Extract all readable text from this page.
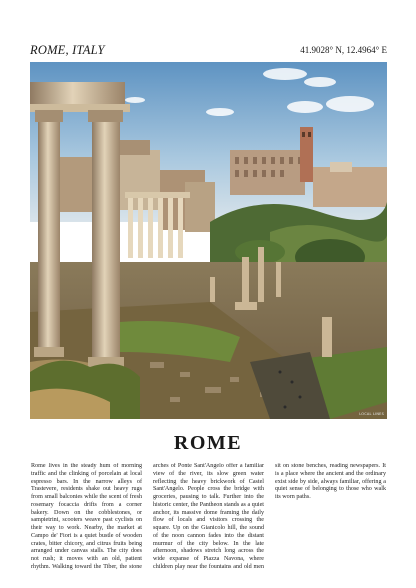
ROME, ITALY	41.9028° N, 12.4964° E
LOCAL LINES
ROME
Rome lives in the steady hum of morning traffic and the clinking of porcelain at local espresso bars. In the narrow alleys of Trastevere, residents shake out heavy rugs from small balconies while the scent of fresh rosemary focaccia drifts from a corner bakery. Down on the cobblestones, or sampietrini, scooters weave past cyclists on their way to work. Nearby, the market at Campo de' Fiori is a quiet bustle of wooden crates, bitter chicory, and citrus fruits being arranged under canvas stalls. The city does not rush; it moves with an old, patient rhythm. Walking toward the Tiber, the stone arches of Ponte Sant'Angelo offer a familiar view of the river, its slow green water reflecting the heavy brickwork of Castel Sant'Angelo. People cross the bridge with groceries, pausing to talk. Further into the historic center, the Pantheon stands as a quiet anchor, its massive dome framing the daily flow of locals and visitors crossing the square. Up on the Gianicolo hill, the sound of the noon cannon fades into the distant murmur of the city below. In the late afternoon, shadows stretch long across the wide expanse of Piazza Navona, where children play near the fountains and old men sit on stone benches, reading newspapers. It is a place where the ancient and the ordinary exist side by side, always familiar, offering a quiet sense of belonging to those who walk its worn paths.
